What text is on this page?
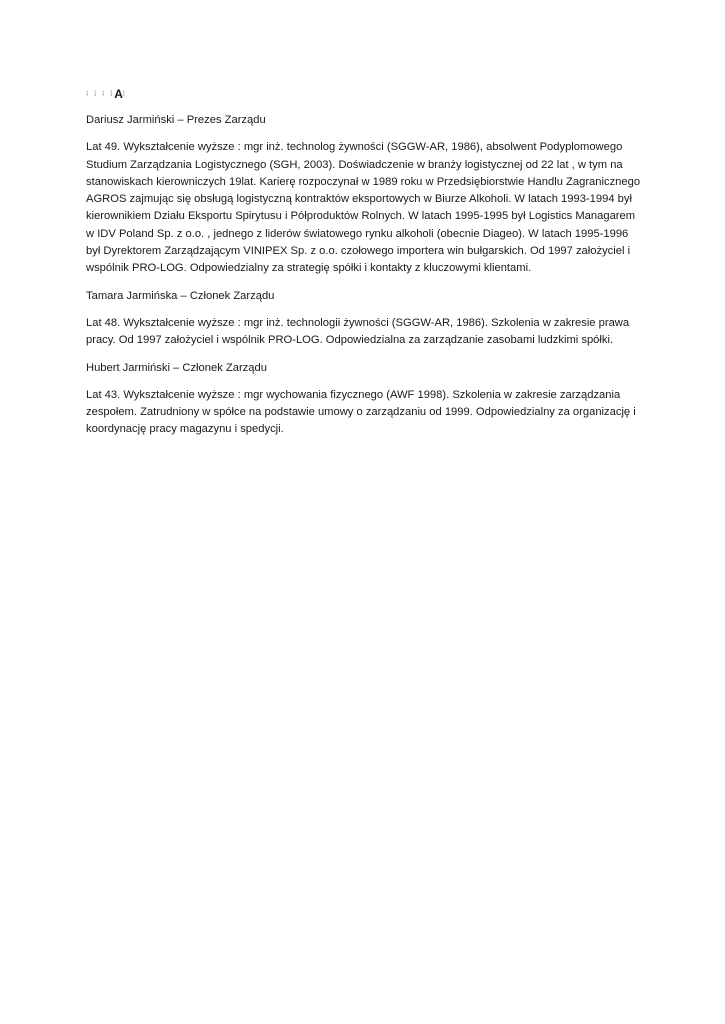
⁝ ⁞ ⁝ ⁞A⁞

Dariusz Jarmiński – Prezes Zarządu

Lat 49. Wykształcenie wyższe : mgr inż. technolog żywności (SGGW-AR, 1986), absolwent Podyplomowego
Studium Zarządzania Logistycznego (SGH, 2003). Doświadczenie w branży logistycznej od 22 lat , w tym na
stanowiskach kierowniczych 19lat. Karierę rozpoczynał w 1989 roku w Przedsiębiorstwie Handlu Zagranicznego
AGROS zajmując się obsługą logistyczną kontraktów eksportowych w Biurze Alkoholi. W latach 1993-1994 był
kierownikiem Działu Eksportu Spirytusu i Półproduktów Rolnych. W latach 1995-1995 był Logistics Managarem
w IDV Poland Sp. z o.o. , jednego z liderów światowego rynku alkoholi (obecnie Diageo). W latach 1995-1996
był Dyrektorem Zarządzającym VINIPEX Sp. z o.o. czołowego importera win bułgarskich. Od 1997 założyciel i
wspólnik PRO-LOG. Odpowiedzialny za strategię spółki i kontakty z kluczowymi klientami.

Tamara Jarmińska – Członek Zarządu

Lat 48. Wykształcenie wyższe : mgr inż. technologii żywności (SGGW-AR, 1986). Szkolenia w zakresie prawa
pracy. Od 1997 założyciel i wspólnik PRO-LOG. Odpowiedzialna za zarządzanie zasobami ludzkimi spółki.

Hubert Jarmiński – Członek Zarządu

Lat 43. Wykształcenie wyższe : mgr wychowania fizycznego (AWF 1998). Szkolenia w zakresie zarządzania
zespołem. Zatrudniony w spółce na podstawie umowy o zarządzaniu od 1999. Odpowiedzialny za organizację i
koordynację pracy magazynu i spedycji.
